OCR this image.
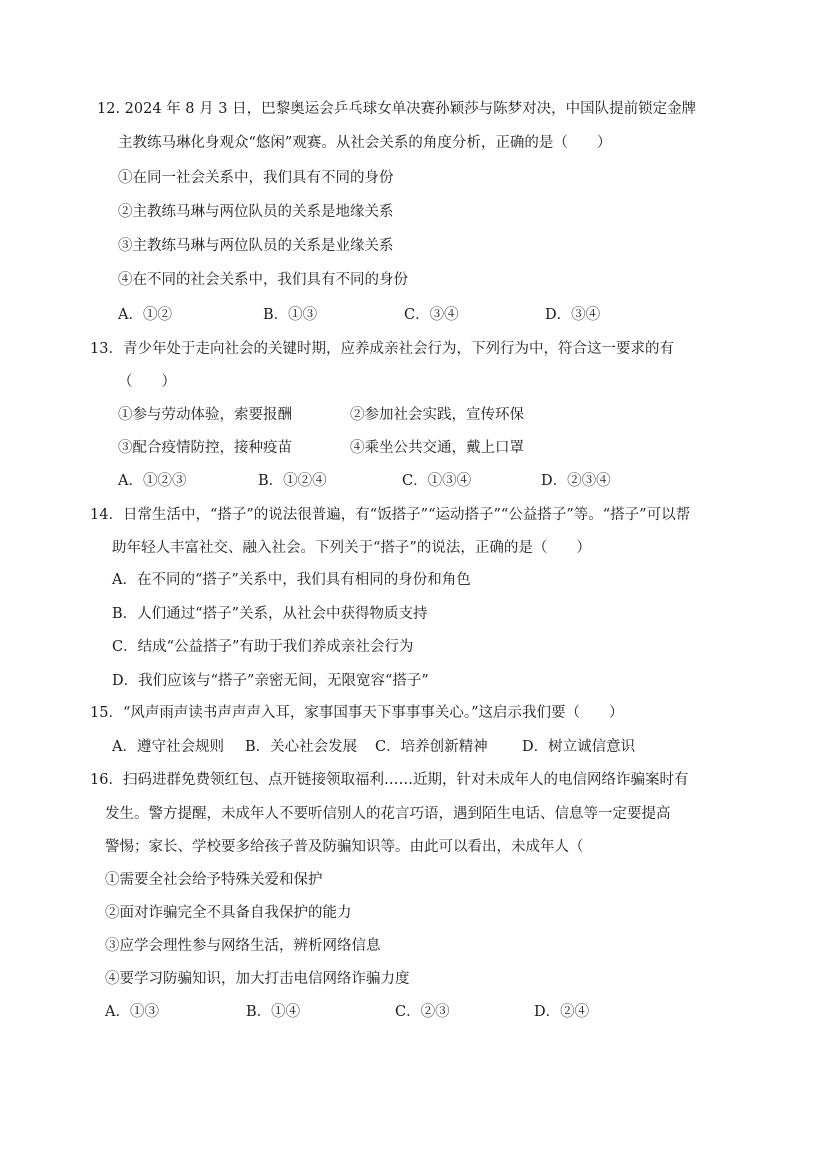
12. 2024 年 8 月 3 日，巴黎奥运会乒乓球女单决赛孙颖莎与陈梦对决，中国队提前锁定金牌
主教练马琳化身观众“悠闲”观赛。从社会关系的角度分析，正确的是（　　）
①在同一社会关系中，我们具有不同的身份
②主教练马琳与两位队员的关系是地缘关系
③主教练马琳与两位队员的关系是业缘关系
④在不同的社会关系中，我们具有不同的身份
A．①②	B．①③	C．③④	D．③④
13．青少年处于走向社会的关键时期，应养成亲社会行为，下列行为中，符合这一要求的有
（　　）
①参与劳动体验，索要报酬	②参加社会实践，宣传环保
③配合疫情防控，接种疫苗	④乘坐公共交通，戴上口罩
A．①②③	B．①②④	C．①③④	D．②③④
14．日常生活中，“搭子”的说法很普遍，有“饭搭子”“运动搭子”“公益搭子”等。“搭子”可以帮
助年轻人丰富社交、融入社会。下列关于“搭子”的说法，正确的是（　　）
A．在不同的“搭子”关系中，我们具有相同的身份和角色
B．人们通过“搭子”关系，从社会中获得物质支持
C．结成“公益搭子”有助于我们养成亲社会行为
D．我们应该与“搭子”亲密无间，无限宽容“搭子”
15．“风声雨声读书声声声入耳，家事国事天下事事事关心。”这启示我们要（　　）
A．遵守社会规则 B．关心社会发展 C．培养创新精神 D．树立诚信意识
16．扫码进群免费领红包、点开链接领取福利……近期，针对未成年人的电信网络诈骗案时有
发生。警方提醒，未成年人不要听信别人的花言巧语，遇到陌生电话、信息等一定要提高
警惕；家长、学校要多给孩子普及防骗知识等。由此可以看出，未成年人（
①需要全社会给予特殊关爱和保护
②面对诈骗完全不具备自我保护的能力
③应学会理性参与网络生活，辨析网络信息
④要学习防骗知识，加大打击电信网络诈骗力度
A．①③	B．①④	C．②③	D．②④
